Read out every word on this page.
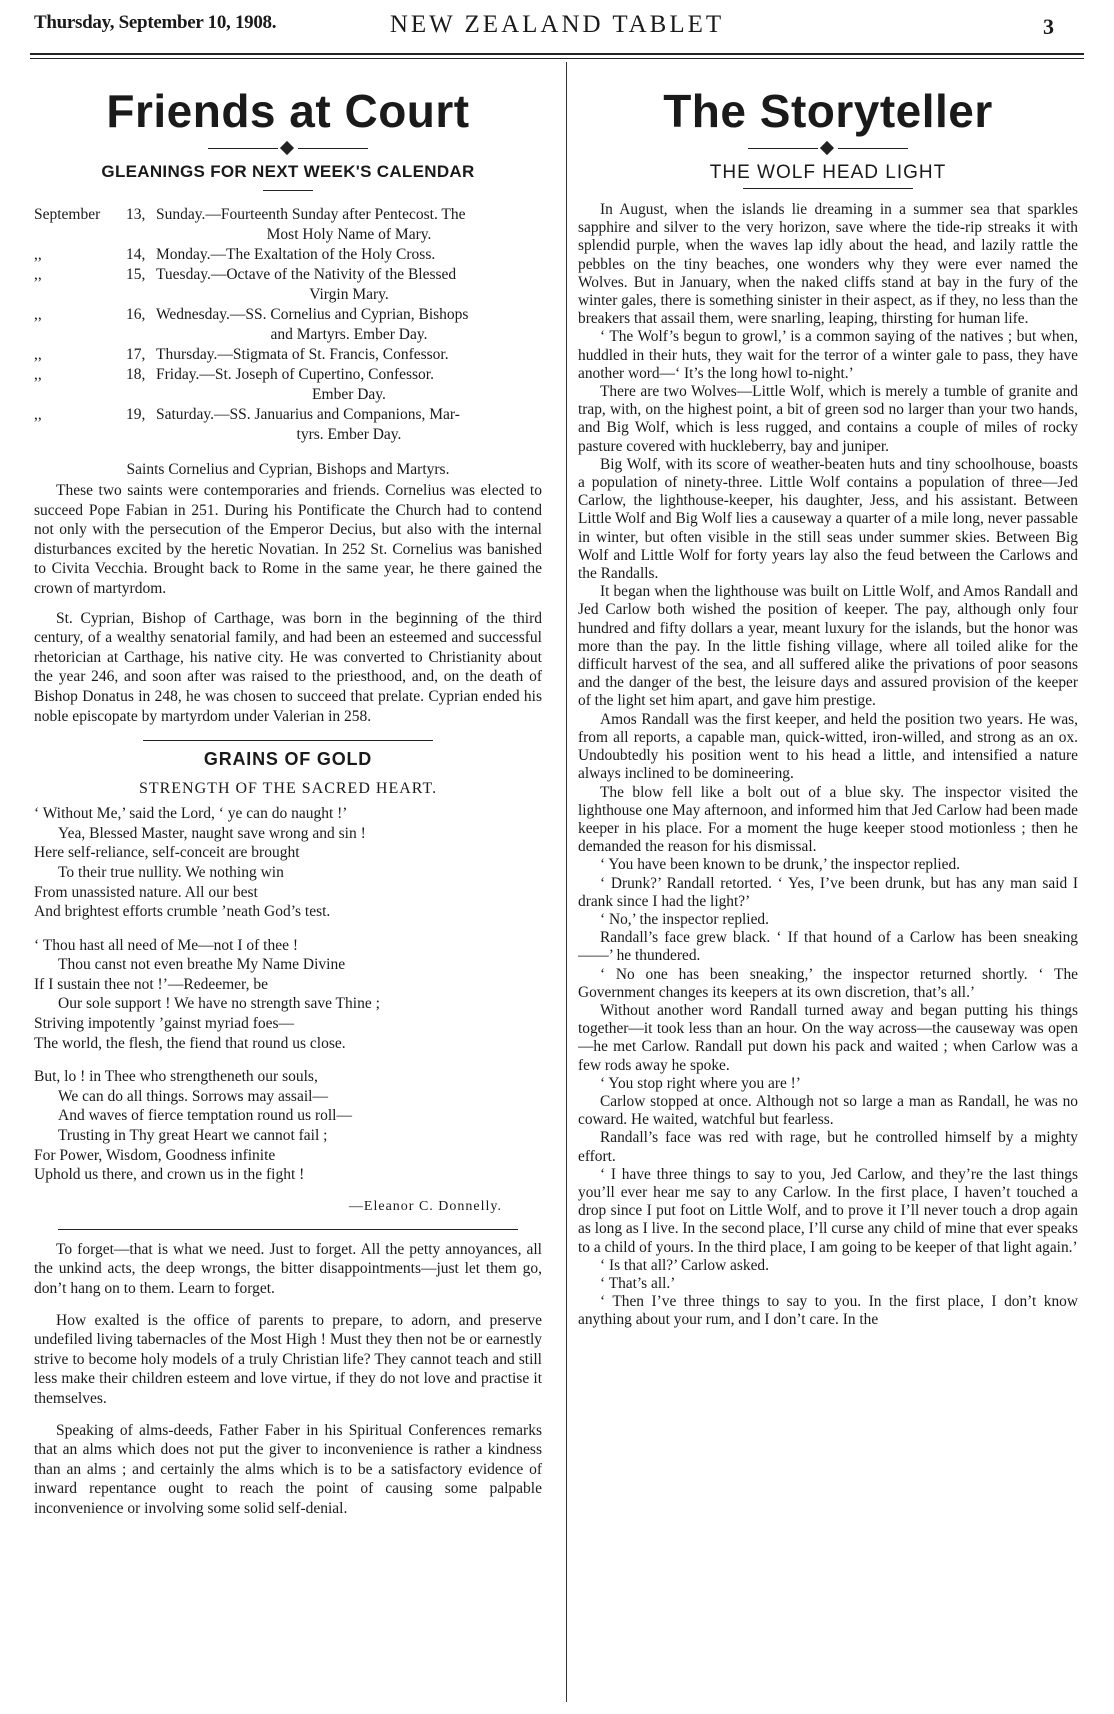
Thursday, September 10, 1908.	NEW ZEALAND TABLET	3
Friends at Court
GLEANINGS FOR NEXT WEEK'S CALENDAR
September	13, Sunday.—Fourteenth Sunday after Pentecost. The
Most Holy Name of Mary.
,,	14, Monday.—The Exaltation of the Holy Cross.
,,	15, Tuesday.—Octave of the Nativity of the Blessed
Virgin Mary.
,,	16, Wednesday.—SS. Cornelius and Cyprian, Bishops
and Martyrs. Ember Day.
,,	17, Thursday.—Stigmata of St. Francis, Confessor.
,,	18, Friday.—St. Joseph of Cupertino, Confessor.
Ember Day.
,,	19, Saturday.—SS. Januarius and Companions, Mar-
tyrs. Ember Day.
Saints Cornelius and Cyprian, Bishops and Martyrs.

These two saints were contemporaries and friends. Cornelius was elected to succeed Pope Fabian in 251. During his Pontificate the Church had to contend not only with the persecution of the Emperor Decius, but also with the internal disturbances excited by the heretic Novatian. In 252 St. Cornelius was banished to Civita Vecchia. Brought back to Rome in the same year, he there gained the crown of martyrdom.

St. Cyprian, Bishop of Carthage, was born in the beginning of the third century, of a wealthy senatorial family, and had been an esteemed and successful rhetorician at Carthage, his native city. He was converted to Christianity about the year 246, and soon after was raised to the priesthood, and, on the death of Bishop Donatus in 248, he was chosen to succeed that prelate. Cyprian ended his noble episcopate by martyrdom under Valerian in 258.

GRAINS OF GOLD
STRENGTH OF THE SACRED HEART.
‘ Without Me,’ said the Lord, ‘ ye can do naught !’
Yea, Blessed Master, naught save wrong and sin !
Here self-reliance, self-conceit are brought
To their true nullity. We nothing win
From unassisted nature. All our best
And brightest efforts crumble ’neath God’s test.
‘ Thou hast all need of Me—not I of thee !
Thou canst not even breathe My Name Divine
If I sustain thee not !’—Redeemer, be
Our sole support ! We have no strength save Thine ;
Striving impotently ’gainst myriad foes—
The world, the flesh, the fiend that round us close.
But, lo ! in Thee who strengtheneth our souls,
We can do all things. Sorrows may assail—
And waves of fierce temptation round us roll—
Trusting in Thy great Heart we cannot fail ;
For Power, Wisdom, Goodness infinite
Uphold us there, and crown us in the fight !
—Eleanor C. Donnelly.

To forget—that is what we need. Just to forget. All the petty annoyances, all the unkind acts, the deep wrongs, the bitter disappointments—just let them go, don’t hang on to them. Learn to forget.

How exalted is the office of parents to prepare, to adorn, and preserve undefiled living tabernacles of the Most High ! Must they then not be or earnestly strive to become holy models of a truly Christian life? They cannot teach and still less make their children esteem and love virtue, if they do not love and practise it themselves.

Speaking of alms-deeds, Father Faber in his Spiritual Conferences remarks that an alms which does not put the giver to inconvenience is rather a kindness than an alms ; and certainly the alms which is to be a satisfactory evidence of inward repentance ought to reach the point of causing some palpable inconvenience or involving some solid self-denial.

The Storyteller
THE WOLF HEAD LIGHT

In August, when the islands lie dreaming in a summer sea that sparkles sapphire and silver to the very horizon, save where the tide-rip streaks it with splendid purple, when the waves lap idly about the head, and lazily rattle the pebbles on the tiny beaches, one wonders why they were ever named the Wolves. But in January, when the naked cliffs stand at bay in the fury of the winter gales, there is something sinister in their aspect, as if they, no less than the breakers that assail them, were snarling, leaping, thirsting for human life.

‘ The Wolf’s begun to growl,’ is a common saying of the natives ; but when, huddled in their huts, they wait for the terror of a winter gale to pass, they have another word—‘ It’s the long howl to-night.’

There are two Wolves—Little Wolf, which is merely a tumble of granite and trap, with, on the highest point, a bit of green sod no larger than your two hands, and Big Wolf, which is less rugged, and contains a couple of miles of rocky pasture covered with huckleberry, bay and juniper.

Big Wolf, with its score of weather-beaten huts and tiny schoolhouse, boasts a population of ninety-three. Little Wolf contains a population of three—Jed Carlow, the lighthouse-keeper, his daughter, Jess, and his assistant. Between Little Wolf and Big Wolf lies a causeway a quarter of a mile long, never passable in winter, but often visible in the still seas under summer skies. Between Big Wolf and Little Wolf for forty years lay also the feud between the Carlows and the Randalls.

It began when the lighthouse was built on Little Wolf, and Amos Randall and Jed Carlow both wished the position of keeper. The pay, although only four hundred and fifty dollars a year, meant luxury for the islands, but the honor was more than the pay. In the little fishing village, where all toiled alike for the difficult harvest of the sea, and all suffered alike the privations of poor seasons and the danger of the best, the leisure days and assured provision of the keeper of the light set him apart, and gave him prestige.

Amos Randall was the first keeper, and held the position two years. He was, from all reports, a capable man, quick-witted, iron-willed, and strong as an ox. Undoubtedly his position went to his head a little, and intensified a nature always inclined to be domineering.

The blow fell like a bolt out of a blue sky. The inspector visited the lighthouse one May afternoon, and informed him that Jed Carlow had been made keeper in his place. For a moment the huge keeper stood motionless ; then he demanded the reason for his dismissal.

‘ You have been known to be drunk,’ the inspector replied.

‘ Drunk?’ Randall retorted. ‘ Yes, I’ve been drunk, but has any man said I drank since I had the light?’

‘ No,’ the inspector replied.

Randall’s face grew black. ‘ If that hound of a Carlow has been sneaking——’ he thundered.

‘ No one has been sneaking,’ the inspector returned shortly. ‘ The Government changes its keepers at its own discretion, that’s all.’

Without another word Randall turned away and began putting his things together—it took less than an hour. On the way across—the causeway was open—he met Carlow. Randall put down his pack and waited ; when Carlow was a few rods away he spoke.

‘ You stop right where you are !’

Carlow stopped at once. Although not so large a man as Randall, he was no coward. He waited, watchful but fearless.

Randall’s face was red with rage, but he controlled himself by a mighty effort.

‘ I have three things to say to you, Jed Carlow, and they’re the last things you’ll ever hear me say to any Carlow. In the first place, I haven’t touched a drop since I put foot on Little Wolf, and to prove it I’ll never touch a drop again as long as I live. In the second place, I’ll curse any child of mine that ever speaks to a child of yours. In the third place, I am going to be keeper of that light again.’

‘ Is that all?’ Carlow asked.

‘ That’s all.’

‘ Then I’ve three things to say to you. In the first place, I don’t know anything about your rum, and I don’t care. In the
